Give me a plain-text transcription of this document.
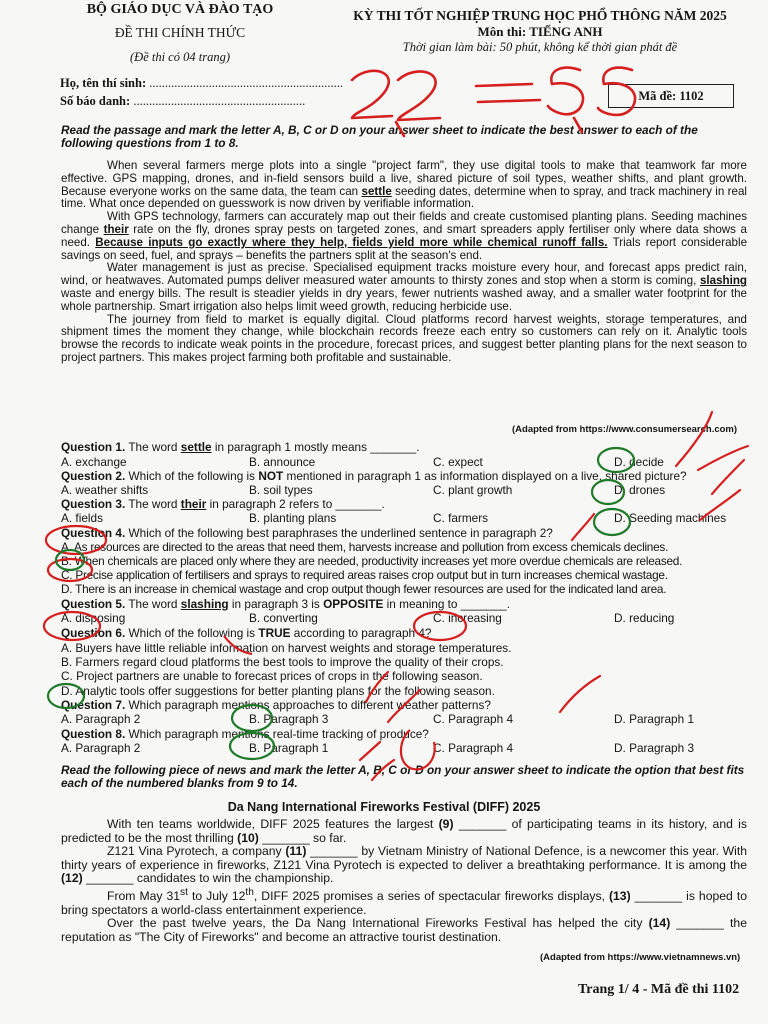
BỘ GIÁO DỤC VÀ ĐÀO TẠO
ĐỀ THI CHÍNH THỨC
(Đề thi có 04 trang)
KỲ THI TỐT NGHIỆP TRUNG HỌC PHỔ THÔNG NĂM 2025
Môn thi: TIẾNG ANH
Thời gian làm bài: 50 phút, không kể thời gian phát đề
Họ, tên thí sinh: ..............................................................
Số báo danh: .......................................................	Mã đề: 1102
Read the passage and mark the letter A, B, C or D on your answer sheet to indicate the best answer to each of the following questions from 1 to 8.

When several farmers merge plots into a single "project farm", they use digital tools to make that teamwork far more effective. GPS mapping, drones, and in-field sensors build a live, shared picture of soil types, weather shifts, and plant growth. Because everyone works on the same data, the team can settle seeding dates, determine when to spray, and track machinery in real time. What once depended on guesswork is now driven by verifiable information.

With GPS technology, farmers can accurately map out their fields and create customised planting plans. Seeding machines change their rate on the fly, drones spray pests on targeted zones, and smart spreaders apply fertiliser only where data shows a need. Because inputs go exactly where they help, fields yield more while chemical runoff falls. Trials report considerable savings on seed, fuel, and sprays – benefits the partners split at the season's end.

Water management is just as precise. Specialised equipment tracks moisture every hour, and forecast apps predict rain, wind, or heatwaves. Automated pumps deliver measured water amounts to thirsty zones and stop when a storm is coming, slashing waste and energy bills. The result is steadier yields in dry years, fewer nutrients washed away, and a smaller water footprint for the whole partnership. Smart irrigation also helps limit weed growth, reducing herbicide use.

The journey from field to market is equally digital. Cloud platforms record harvest weights, storage temperatures, and shipment times the moment they change, while blockchain records freeze each entry so customers can rely on it. Analytic tools browse the records to indicate weak points in the procedure, forecast prices, and suggest better planting plans for the next season to project partners. This makes project farming both profitable and sustainable.

(Adapted from https://www.consumersearch.com)
Question 1. The word settle in paragraph 1 mostly means _______.
A. exchange	B. announce	C. expect	D. decide
Question 2. Which of the following is NOT mentioned in paragraph 1 as information displayed on a live, shared picture?
A. weather shifts	B. soil types	C. plant growth	D. drones
Question 3. The word their in paragraph 2 refers to _______.
A. fields	B. planting plans	C. farmers	D. Seeding machines
Question 4. Which of the following best paraphrases the underlined sentence in paragraph 2?
A. As resources are directed to the areas that need them, harvests increase and pollution from excess chemicals declines.
B. When chemicals are placed only where they are needed, productivity increases yet more overdue chemicals are released.
C. Precise application of fertilisers and sprays to required areas raises crop output but in turn increases chemical wastage.
D. There is an increase in chemical wastage and crop output though fewer resources are used for the indicated land area.
Question 5. The word slashing in paragraph 3 is OPPOSITE in meaning to _______.
A. disposing	B. converting	C. increasing	D. reducing
Question 6. Which of the following is TRUE according to paragraph 4?
A. Buyers have little reliable information on harvest weights and storage temperatures.
B. Farmers regard cloud platforms the best tools to improve the quality of their crops.
C. Project partners are unable to forecast prices of crops in the following season.
D. Analytic tools offer suggestions for better planting plans for the following season.
Question 7. Which paragraph mentions approaches to different weather patterns?
A. Paragraph 2	B. Paragraph 3	C. Paragraph 4	D. Paragraph 1
Question 8. Which paragraph mentions real-time tracking of produce?
A. Paragraph 2	B. Paragraph 1	C. Paragraph 4	D. Paragraph 3
Read the following piece of news and mark the letter A, B, C or D on your answer sheet to indicate the option that best fits each of the numbered blanks from 9 to 14.
Da Nang International Fireworks Festival (DIFF) 2025

With ten teams worldwide, DIFF 2025 features the largest (9) _______ of participating teams in its history, and is predicted to be the most thrilling (10) _______ so far.

Z121 Vina Pyrotech, a company (11) _______ by Vietnam Ministry of National Defence, is a newcomer this year. With thirty years of experience in fireworks, Z121 Vina Pyrotech is expected to deliver a breathtaking performance. It is among the (12) _______ candidates to win the championship.

From May 31st to July 12th, DIFF 2025 promises a series of spectacular fireworks displays, (13) _______ is hoped to bring spectators a world-class entertainment experience.

Over the past twelve years, the Da Nang International Fireworks Festival has helped the city (14) _______ the reputation as "The City of Fireworks" and become an attractive tourist destination.

(Adapted from https://www.vietnamnews.vn)
Trang 1/ 4 - Mã đề thi 1102
